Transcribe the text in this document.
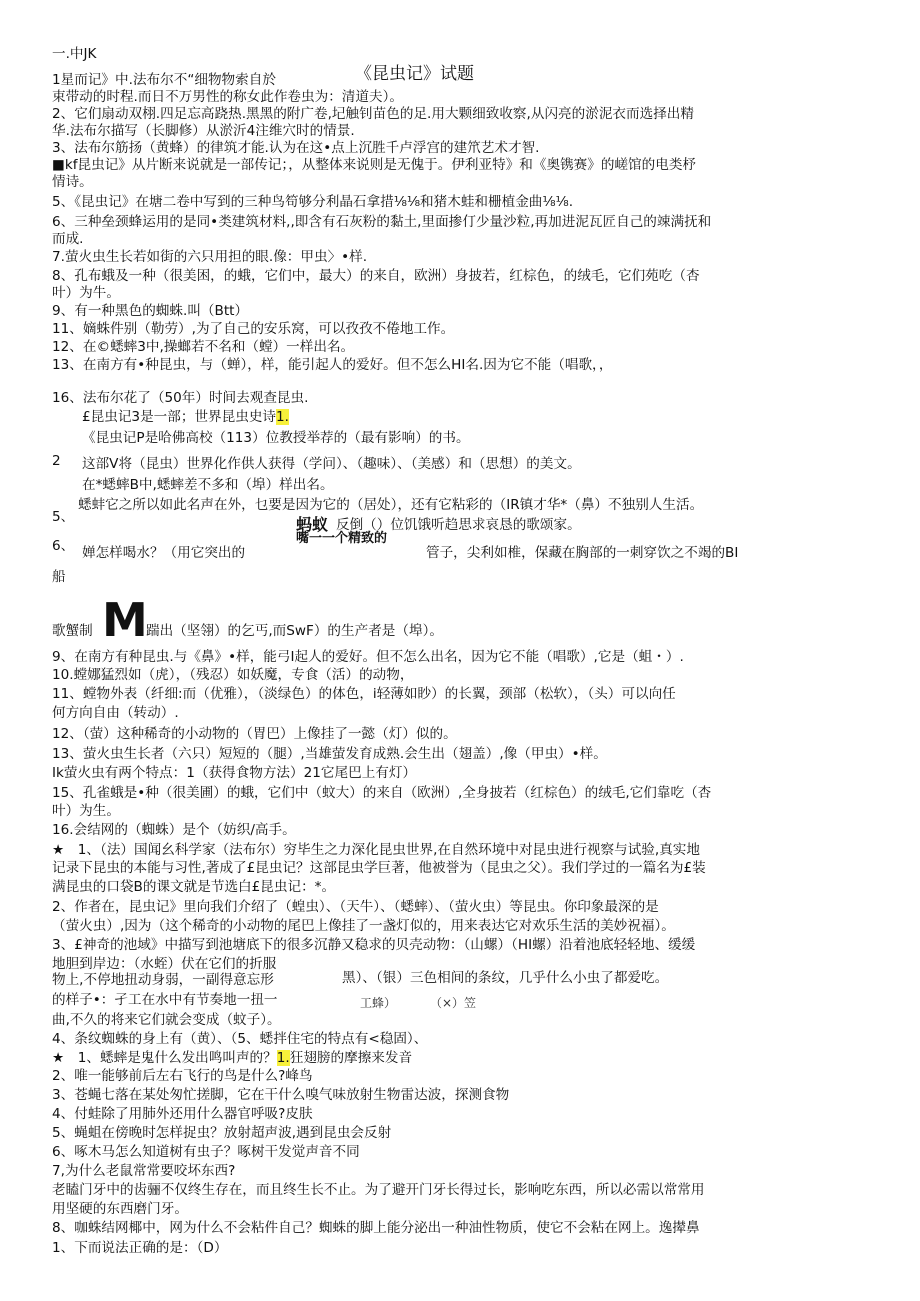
一.中JK
《昆虫记》试题
1星而记》中.法布尔不“细物物索自於
束带动的时程.而日不万男性的称女此作卷虫为：清道夫）。
2、它们扇动双栩.四足忘高跷热.黑黑的附广卷,圮触钊苗色的足.用大颗细致收察,从闪亮的淤泥衣而选择出精
华.法布尔描写（长脚修）从淤沂4注维穴时的情景.
3、法布尔筋扬（黄蜂）的律筑才能.认为在这•点上沉胜千卢浮宫的建笊艺术才智.
■kf昆虫记》从片断来说就是一部传记；，从整体来说则是无傀于。伊利亚特》和《奥镌赛》的嵯馆的电类杼
情诗。
5、《昆虫记》在塘二卷中写到的三种鸟笱够分利晶石拿措⅛⅛和猪木蛙和栅植金曲⅛⅛.
6、三种垒颈蜂运用的是同•类建筑材料,,即含有石灰粉的黏土,里面掺仃少量沙粒,再加进泥瓦匠自己的竦满抚和
而成.
7.萤火虫生长若如街的六只用担的眼.像：甲虫〉•样.
8、孔布蛾及一种（很美困，的蛾，它们中，最大）的来自，欧洲）身披若，红棕色，的绒毛，它们苑吃（杏
叶）为牛。
9、有一种黑色的蜘蛛.叫（Btt）
11、嫡蛛件别（勒劳）,为了自己的安乐窝，可以孜孜不倦地工作。
12、在©蟋蟀3中,操螂若不名和（螳）一样出名。
13、在南方有•种昆虫，与（蝉），样，能引起人的爱好。但不怎么HI名.因为它不能（唱歌，，
16、法布尔花了（50年）时间去观查昆虫.
£昆虫记3是一部；世界昆虫史诗1.
《昆虫记P是哈佛高校（113）位教授举荐的（最有影响）的书。
2 这部V将（昆虫）世界化作供人获得（学问）、（趣味）、（美感）和（思想）的美文。
在*蟋蟀B中,蟋蟀差不多和（埠）样出名。
蟋蚌它之所以如此名声在外，乜要是因为它的（居处），还有它粘彩的（IR镇才华*（鼻）不独别人生活。
5、	反倒（）位饥饿听趋思求哀恳的歌颂家。
6、 婵怎样喝水？（用它突出的	管子，尖利如椎，保藏在胸部的一刺穿饮之不竭的BI
蚂蚁
嘴一一个精致的
船
歌蟹制 M
踹出（坚翎）的乞丐,而SwF）的生产者是（埠）。
9、在南方有种昆虫.与《鼻》•样，能弓I起人的爱好。但不怎么出名，因为它不能（唱歌）,它是（蛆・）.
10.螳娜猛烈如（虎），（残忍）如妖魔，专食（活）的动物，
11、螳物外表（纤细:而（优雅），（淡绿色）的体色，i轻薄如眇）的长翼，颈部（松软），（头）可以向任
何方向自由（转动）.
12、（萤）这种稀奇的小动物的（胃巴）上像挂了一懿（灯）似的。
13、萤火虫生长者（六只）短短的（腿）,当雄萤发育成熟.会生出（翅盖）,像（甲虫）•样。
Ik萤火虫有两个特点：1（获得食物方法）21它尾巴上有灯）
15、孔雀蛾是•种（很美圃）的蛾，它们中（蚊大）的来自（欧洲）,全身披若（红棕色）的绒毛,它们靠吃（杏
叶）为生。
16.会结网的（蜘蛛）是个（妨织∕高手。
★　1、（法）国闻幺科学家（法布尔）穷毕生之力深化昆虫世界,在自然环境中对昆虫进行视察与试验,真实地
记录下昆虫的本能与习性,著成了£昆虫记？这部昆虫学巨著，他被誉为（昆虫之父）。我们学过的一篇名为£装
满昆虫的口袋B的课文就是节选白£昆虫记：*。
2、作者在，昆虫记》里向我们介绍了（蝗虫）、（天牛）、（蟋蟀）、（萤火虫）等昆虫。你印象最深的是
（萤火虫）,因为（这个稀奇的小动物的尾巴上像挂了一盏灯似的，用来表达它对欢乐生活的美妙祝福）。
3、£神奇的池域》中描写到池塘底下的很多沉静又稳求的贝壳动物：（山螺）（HI螺）沿着池底轻轻地、缓缓
地胆到岸边：（水蛭）伏在它们的折服
物上,不停地扭动身弱，一副得意忘形	黑）、（银）三色相间的条纹，几乎什么小虫了都爱吃。
的样子•：孑工在水中有节奏地一扭一	工蜂）	（×）笠
曲,不久的将来它们就会变成（蚊子）。
4、条纹蜘蛛的身上有（黄）、（5、蟋拌住宅的特点有<稳固）、
★　1、蟋蟀是鬼什么发出鸣叫声的？1.狂翅膀的摩擦来发音
2、唯一能够前后左右飞行的鸟是什么?峰鸟
3、苍蝇七落在某处匆忙搓脚，它在干什么嗅气味放射生物雷达波，探测食物
4、付蛙除了用肺外还用什么器官呼吸?皮肤
5、蝇蛆在傍晚时怎样捉虫？放射超声波,遇到昆虫会反射
6、啄木马怎么知道树有虫子？啄树干发觉声音不同
7,为什么老鼠常常要咬坏东西?
老瞌门牙中的齿骊不仅终生存在，而且终生长不止。为了避开门牙长得过长，影响吃东西，所以必需以常常用
用坚硬的东西磨门牙。
8、咖蛛结网椰中，网为什么不会粘件自己？蜘蛛的脚上能分泌出一种油性物质，使它不会粘在网上。逸撵鼻
1、下而说法正确的是：（D）
